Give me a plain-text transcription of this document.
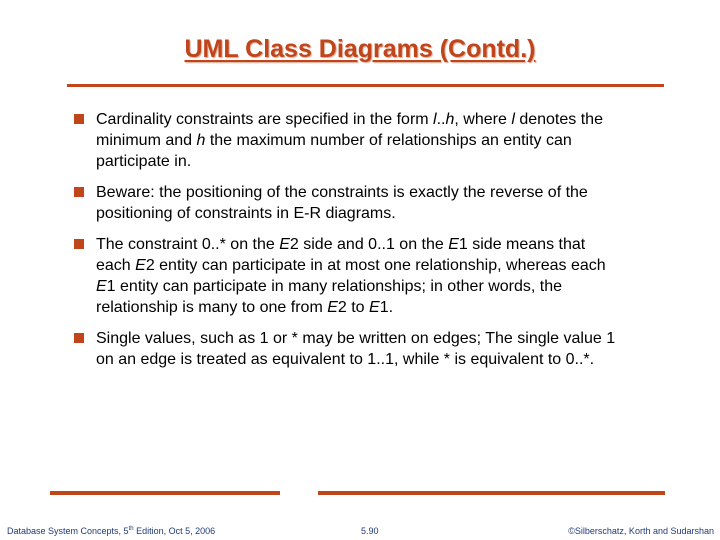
UML Class Diagrams (Contd.)
Cardinality constraints are specified in the form l..h, where l denotes the minimum and h the maximum number of relationships an entity can participate in.
Beware: the positioning of the constraints is exactly the reverse of the positioning of constraints in E-R diagrams.
The constraint 0..* on the E2 side and 0..1 on the E1 side means that each E2 entity can participate in at most one relationship, whereas each E1 entity can participate in many relationships; in other words, the relationship is many to one from E2 to E1.
Single values, such as 1 or * may be written on edges; The single value 1 on an edge is treated as equivalent to 1..1, while * is equivalent to 0..*.
Database System Concepts, 5th Edition, Oct 5, 2006	5.90	©Silberschatz, Korth and Sudarshan
